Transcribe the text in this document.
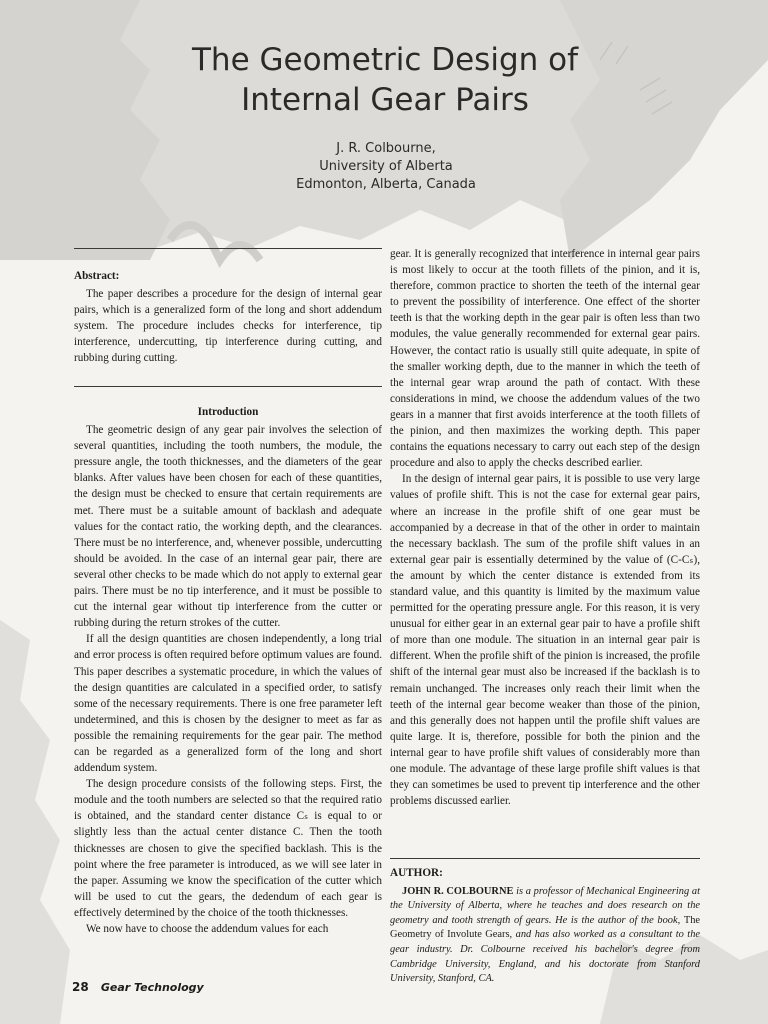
The Geometric Design of
Internal Gear Pairs
J. R. Colbourne,
University of Alberta
Edmonton, Alberta, Canada
Abstract:

The paper describes a procedure for the design of internal gear pairs, which is a generalized form of the long and short addendum system. The procedure includes checks for interference, tip interference, undercutting, tip interference during cutting, and rubbing during cutting.

Introduction

The geometric design of any gear pair involves the selection of several quantities, including the tooth numbers, the module, the pressure angle, the tooth thicknesses, and the diameters of the gear blanks. After values have been chosen for each of these quantities, the design must be checked to ensure that certain requirements are met. There must be a suitable amount of backlash and adequate values for the contact ratio, the working depth, and the clearances. There must be no interference, and, whenever possible, undercutting should be avoided. In the case of an internal gear pair, there are several other checks to be made which do not apply to external gear pairs. There must be no tip interference, and it must be possible to cut the internal gear without tip interference from the cutter or rubbing during the return strokes of the cutter.

If all the design quantities are chosen independently, a long trial and error process is often required before optimum values are found. This paper describes a systematic procedure, in which the values of the design quantities are calculated in a specified order, to satisfy some of the necessary requirements. There is one free parameter left undetermined, and this is chosen by the designer to meet as far as possible the remaining requirements for the gear pair. The method can be regarded as a generalized form of the long and short addendum system.

The design procedure consists of the following steps. First, the module and the tooth numbers are selected so that the required ratio is obtained, and the standard center distance Cₛ is equal to or slightly less than the actual center distance C. Then the tooth thicknesses are chosen to give the specified backlash. This is the point where the free parameter is introduced, as we will see later in the paper. Assuming we know the specification of the cutter which will be used to cut the gears, the dedendum of each gear is effectively determined by the choice of the tooth thicknesses.

We now have to choose the addendum values for each

gear. It is generally recognized that interference in internal gear pairs is most likely to occur at the tooth fillets of the pinion, and it is, therefore, common practice to shorten the teeth of the internal gear to prevent the possibility of interference. One effect of the shorter teeth is that the working depth in the gear pair is often less than two modules, the value generally recommended for external gear pairs. However, the contact ratio is usually still quite adequate, in spite of the smaller working depth, due to the manner in which the teeth of the internal gear wrap around the path of contact. With these considerations in mind, we choose the addendum values of the two gears in a manner that first avoids interference at the tooth fillets of the pinion, and then maximizes the working depth. This paper contains the equations necessary to carry out each step of the design procedure and also to apply the checks described earlier.

In the design of internal gear pairs, it is possible to use very large values of profile shift. This is not the case for external gear pairs, where an increase in the profile shift of one gear must be accompanied by a decrease in that of the other in order to maintain the necessary backlash. The sum of the profile shift values in an external gear pair is essentially determined by the value of (C-Cₛ), the amount by which the center distance is extended from its standard value, and this quantity is limited by the maximum value permitted for the operating pressure angle. For this reason, it is very unusual for either gear in an external gear pair to have a profile shift of more than one module. The situation in an internal gear pair is different. When the profile shift of the pinion is increased, the profile shift of the internal gear must also be increased if the backlash is to remain unchanged. The increases only reach their limit when the teeth of the internal gear become weaker than those of the pinion, and this generally does not happen until the profile shift values are quite large. It is, therefore, possible for both the pinion and the internal gear to have profile shift values of considerably more than one module. The advantage of these large profile shift values is that they can sometimes be used to prevent tip interference and the other problems discussed earlier.

AUTHOR:

JOHN R. COLBOURNE is a professor of Mechanical Engineering at the University of Alberta, where he teaches and does research on the geometry and tooth strength of gears. He is the author of the book, The Geometry of Involute Gears, and has also worked as a consultant to the gear industry. Dr. Colbourne received his bachelor's degree from Cambridge University, England, and his doctorate from Stanford University, Stanford, CA.

28 Gear Technology
